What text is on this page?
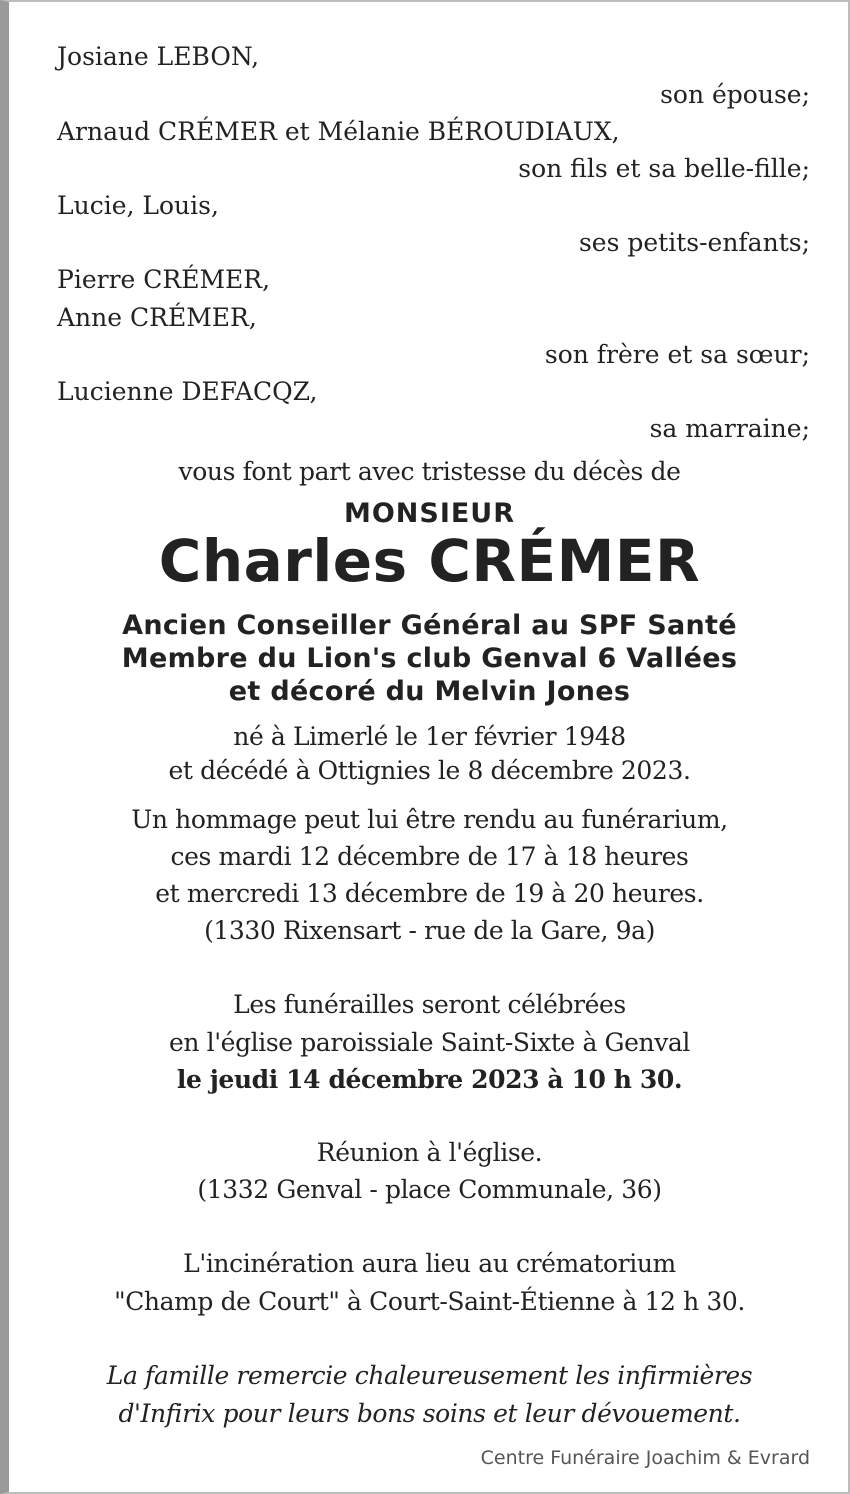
Josiane LEBON,
son épouse;
Arnaud CRÉMER et Mélanie BÉROUDIAUX,
son fils et sa belle-fille;
Lucie, Louis,
ses petits-enfants;
Pierre CRÉMER,
Anne CRÉMER,
son frère et sa sœur;
Lucienne DEFACQZ,
sa marraine;
vous font part avec tristesse du décès de
MONSIEUR
Charles CRÉMER
Ancien Conseiller Général au SPF Santé
Membre du Lion's club Genval 6 Vallées
et décoré du Melvin Jones
né à Limerlé le 1er février 1948
et décédé à Ottignies le 8 décembre 2023.
Un hommage peut lui être rendu au funérarium,
ces mardi 12 décembre de 17 à 18 heures
et mercredi 13 décembre de 19 à 20 heures.
(1330 Rixensart - rue de la Gare, 9a)
Les funérailles seront célébrées
en l'église paroissiale Saint-Sixte à Genval
le jeudi 14 décembre 2023 à 10 h 30.
Réunion à l'église.
(1332 Genval - place Communale, 36)
L'incinération aura lieu au crématorium
"Champ de Court" à Court-Saint-Étienne à 12 h 30.
La famille remercie chaleureusement les infirmières
d'Infirix pour leurs bons soins et leur dévouement.
Centre Funéraire Joachim & Evrard
